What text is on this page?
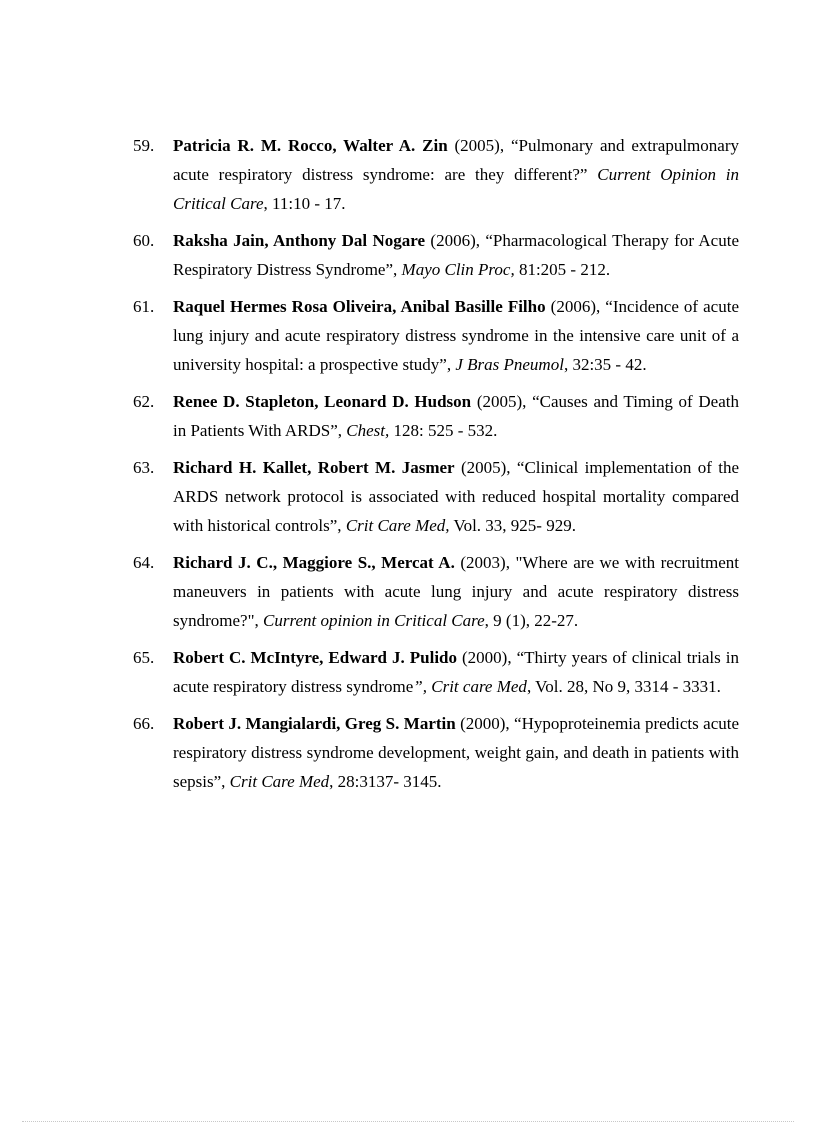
59.	Patricia R. M. Rocco, Walter A. Zin (2005), “Pulmonary and extrapulmonary acute respiratory distress syndrome: are they different?” Current Opinion in Critical Care, 11:10 - 17.
60.	Raksha Jain, Anthony Dal Nogare (2006), “Pharmacological Therapy for Acute Respiratory Distress Syndrome”, Mayo Clin Proc, 81:205 - 212.
61.	Raquel Hermes Rosa Oliveira, Anibal Basille Filho (2006), “Incidence of acute lung injury and acute respiratory distress syndrome in the intensive care unit of a university hospital: a prospective study”, J Bras Pneumol, 32:35 - 42.
62.	Renee D. Stapleton, Leonard D. Hudson (2005), “Causes and Timing of Death in Patients With ARDS”, Chest, 128: 525 - 532.
63.	Richard H. Kallet, Robert M. Jasmer (2005), “Clinical implementation of the ARDS network protocol is associated with reduced hospital mortality compared with historical controls”, Crit Care Med, Vol. 33, 925- 929.
64.	Richard J. C., Maggiore S., Mercat A. (2003), "Where are we with recruitment maneuvers in patients with acute lung injury and acute respiratory distress syndrome?", Current opinion in Critical Care, 9 (1), 22-27.
65.	Robert C. McIntyre, Edward J. Pulido (2000), “Thirty years of clinical trials in acute respiratory distress syndrome”, Crit care Med, Vol. 28, No 9, 3314 - 3331.
66.	Robert J. Mangialardi, Greg S. Martin (2000), “Hypoproteinemia predicts acute respiratory distress syndrome development, weight gain, and death in patients with sepsis”, Crit Care Med, 28:3137- 3145.
